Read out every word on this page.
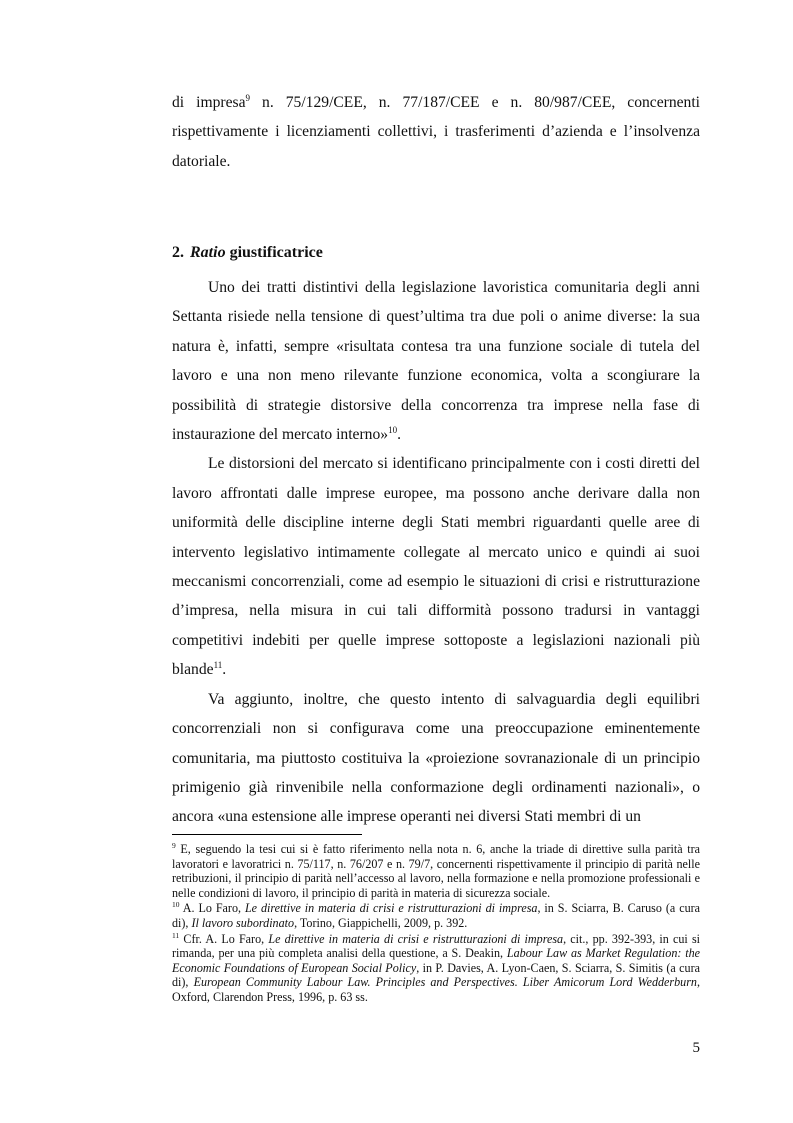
di impresa$^9$ n. 75/129/CEE, n. 77/187/CEE e n. 80/987/CEE, concernenti rispettivamente i licenziamenti collettivi, i trasferimenti d’azienda e l’insolvenza datoriale.

2. Ratio giustificatrice

Uno dei tratti distintivi della legislazione lavoristica comunitaria degli anni Settanta risiede nella tensione di quest’ultima tra due poli o anime diverse: la sua natura è, infatti, sempre «risultata contesa tra una funzione sociale di tutela del lavoro e una non meno rilevante funzione economica, volta a scongiurare la possibilità di strategie distorsive della concorrenza tra imprese nella fase di instaurazione del mercato interno»$^{10}$.

Le distorsioni del mercato si identificano principalmente con i costi diretti del lavoro affrontati dalle imprese europee, ma possono anche derivare dalla non uniformità delle discipline interne degli Stati membri riguardanti quelle aree di intervento legislativo intimamente collegate al mercato unico e quindi ai suoi meccanismi concorrenziali, come ad esempio le situazioni di crisi e ristrutturazione d’impresa, nella misura in cui tali difformità possono tradursi in vantaggi competitivi indebiti per quelle imprese sottoposte a legislazioni nazionali più blande$^{11}$.

Va aggiunto, inoltre, che questo intento di salvaguardia degli equilibri concorrenziali non si configurava come una preoccupazione eminentemente comunitaria, ma piuttosto costituiva la «proiezione sovranazionale di un principio primigenio già rinvenibile nella conformazione degli ordinamenti nazionali», o ancora «una estensione alle imprese operanti nei diversi Stati membri di un

$^9$ E, seguendo la tesi cui si è fatto riferimento nella nota n. 6, anche la triade di direttive sulla parità tra lavoratori e lavoratrici n. 75/117, n. 76/207 e n. 79/7, concernenti rispettivamente il principio di parità nelle retribuzioni, il principio di parità nell’accesso al lavoro, nella formazione e nella promozione professionali e nelle condizioni di lavoro, il principio di parità in materia di sicurezza sociale.

$^{10}$ A. Lo Faro, Le direttive in materia di crisi e ristrutturazioni di impresa, in S. Sciarra, B. Caruso (a cura di), Il lavoro subordinato, Torino, Giappichelli, 2009, p. 392.

$^{11}$ Cfr. A. Lo Faro, Le direttive in materia di crisi e ristrutturazioni di impresa, cit., pp. 392-393, in cui si rimanda, per una più completa analisi della questione, a S. Deakin, Labour Law as Market Regulation: the Economic Foundations of European Social Policy, in P. Davies, A. Lyon-Caen, S. Sciarra, S. Simitis (a cura di), European Community Labour Law. Principles and Perspectives. Liber Amicorum Lord Wedderburn, Oxford, Clarendon Press, 1996, p. 63 ss.

5
